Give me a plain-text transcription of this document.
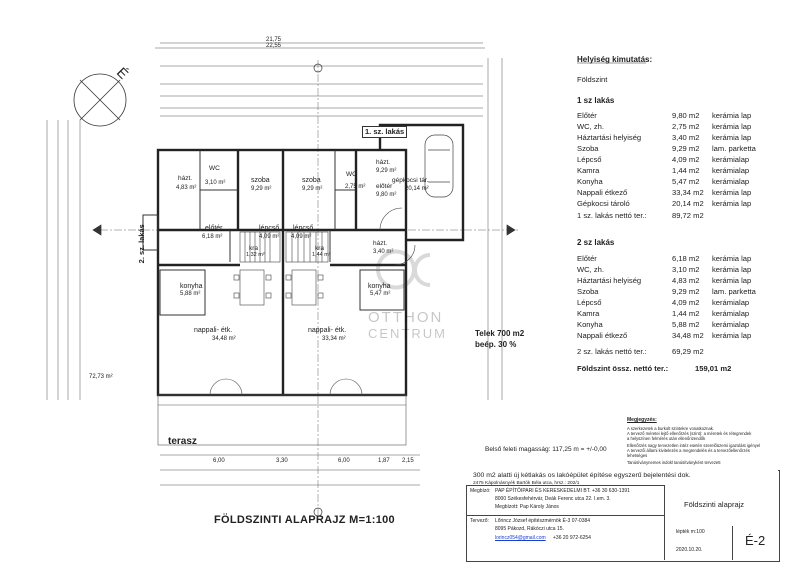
21,75
22,55
É
1. sz. lakás
2. sz. lakás
házt.
4,83 m²
WC
3,10 m²	szoba
9,29 m²
szoba
9,29 m²
WC
2,75 m²
házt.
9,29 m²
előtér
6,18 m²
lépcső
4,09 m²
lépcső
4,09 m²
kra
1,32 m²
kra
1,44 m²
házt.
3,40 m²
előtér
9,80 m²
gépkocsi tár.
20,14 m²
konyha
5,88 m²
konyha
5,47 m²
nappali- étk.
34,48 m²
nappali- étk.
33,34 m²
OTTHON
CENTRUM	Telek 700 m2
beép. 30 %
72,73 m²
terasz
Belső feleti magasság: 117,25 m = +/-0,00
6,00	3,30	6,00	1,87 2,15
FÖLDSZINTI ALAPRAJZ M=1:100
Helyiség kimutatás:
Földszint
1 sz lakás
Előtér	9,80 m2 kerámia lap
WC, zh.	2,75 m2 kerámia lap
Háztartási helyiség	3,40 m2 kerámia lap
Szoba	9,29 m2 lam. parketta
Lépcső	4,09 m2 kerámialap
Kamra	1,44 m2 kerámialap
Konyha	5,47 m2 kerámialap
Nappali étkező	33,34 m2 kerámia lap
Gépkocsi tároló	20,14 m2 kerámia lap
1 sz. lakás nettó ter.:	89,72 m2
2 sz lakás
Előtér	6,18 m2 kerámia lap
WC, zh.	3,10 m2 kerámia lap
Háztartási helyiség	4,83 m2 kerámia lap
Szoba	9,29 m2 lam. parketta
Lépcső	4,09 m2 kerámialap
Kamra	1,44 m2 kerámialap
Konyha	5,88 m2 kerámialap
Nappali étkező	34,48 m2 kerámia lap
2 sz. lakás nettó ter.:	69,29 m2
Földszint össz. nettó ter.:	159,01 m2
Megjegyzés:
A szerkezetek a burkolt szintekre vonatkoznak.
A tervező méretei lejtő ellenőrzés (szint): a méretek és rétegrendek
a helyszínen felmérés után ellenőrizendők
Ellenőrzés nagy tervezetlen intéz esetén szerelőüzemi igazolást igényel
A tervezői állami kivitelezés a megrendelés és a tervezőellenőrzés
lehetséges
Tanúsíványnemes indokl tanúsítványként tervezett
300 m2 alatti új kétlakás os lakóépület építése egyszerű bejelentési dok.
2475 Kápolnásnyék Bartók Béla utca, hrsz.: 202/1
Megbízó: PAP ÉPÍTŐIPARI ÉS KERESKEDELMI BT. +36 30 630-1391
8000 Székesfehérvár, Deák Ferenc utca 22. I.em. 3.
Megbízott: Pap Károly János
Tervező: Lőrincz József építészmérnök É-3 07-0384
8095 Pákozd, Rákóczi utca 15.
lorincz054@gmail.com +36 20 972-6254
Földszinti alaprajz
lépték m:100
2020.10.20.
É-2
